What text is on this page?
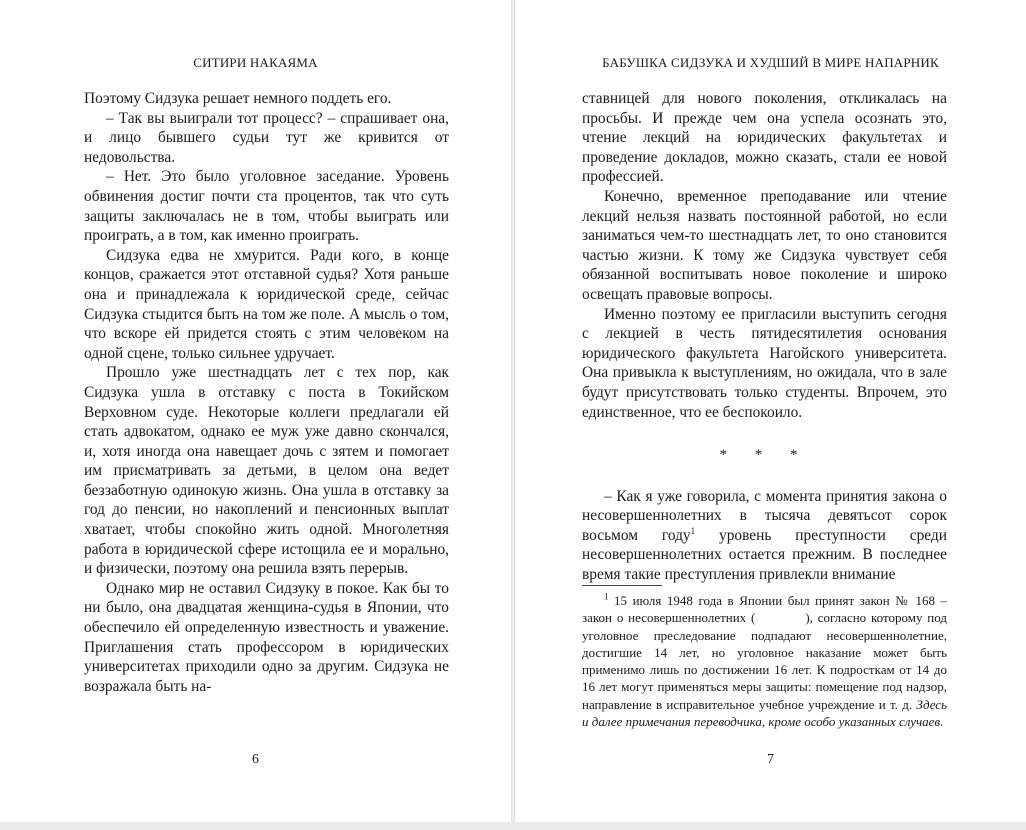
СИТИРИ НАКАЯМА

Поэтому Сидзука решает немного поддеть его.

– Так вы выиграли тот процесс? – спрашивает она, и лицо бывшего судьи тут же кривится от недовольства.

– Нет. Это было уголовное заседание. Уровень обвинения достиг почти ста процентов, так что суть защиты заключалась не в том, чтобы выиграть или проиграть, а в том, как именно проиграть.

Сидзука едва не хмурится. Ради кого, в конце концов, сражается этот отставной судья? Хотя раньше она и принадлежала к юридической среде, сейчас Сидзука стыдится быть на том же поле. А мысль о том, что вскоре ей придется стоять с этим человеком на одной сцене, только сильнее удручает.

Прошло уже шестнадцать лет с тех пор, как Сидзука ушла в отставку с поста в Токийском Верховном суде. Некоторые коллеги предлагали ей стать адвокатом, однако ее муж уже давно скончался, и, хотя иногда она навещает дочь с зятем и помогает им присматривать за детьми, в целом она ведет беззаботную одинокую жизнь. Она ушла в отставку за год до пенсии, но накоплений и пенсионных выплат хватает, чтобы спокойно жить одной. Многолетняя работа в юридической сфере истощила ее и морально, и физически, поэтому она решила взять перерыв.

Однако мир не оставил Сидзуку в покое. Как бы то ни было, она двадцатая женщина-судья в Японии, что обеспечило ей определенную известность и уважение. Приглашения стать профессором в юридических университетах приходили одно за другим. Сидзука не возражала быть на-

6
БАБУШКА СИДЗУКА И ХУДШИЙ В МИРЕ НАПАРНИК

ставницей для нового поколения, откликалась на просьбы. И прежде чем она успела осознать это, чтение лекций на юридических факультетах и проведение докладов, можно сказать, стали ее новой профессией.

Конечно, временное преподавание или чтение лекций нельзя назвать постоянной работой, но если заниматься чем-то шестнадцать лет, то оно становится частью жизни. К тому же Сидзука чувствует себя обязанной воспитывать новое поколение и широко освещать правовые вопросы.

Именно поэтому ее пригласили выступить сегодня с лекцией в честь пятидесятилетия основания юридического факультета Нагойского университета. Она привыкла к выступлениям, но ожидала, что в зале будут присутствовать только студенты. Впрочем, это единственное, что ее беспокоило.

* * *

– Как я уже говорила, с момента принятия закона о несовершеннолетних в тысяча девятьсот сорок восьмом году$^1$ уровень преступности среди несовершеннолетних остается прежним. В последнее время такие преступления привлекли внимание

$^1$ 15 июля 1948 года в Японии был принят закон № 168 – закон о несовершеннолетних (	), согласно которому под уголовное преследование подпадают несовершеннолетние, достигшие 14 лет, но уголовное наказание может быть применимо лишь по достижении 16 лет. К подросткам от 14 до 16 лет могут применяться меры защиты: помещение под надзор, направление в исправительное учебное учреждение и т. д. Здесь и далее примечания переводчика, кроме особо указанных случаев.

7
